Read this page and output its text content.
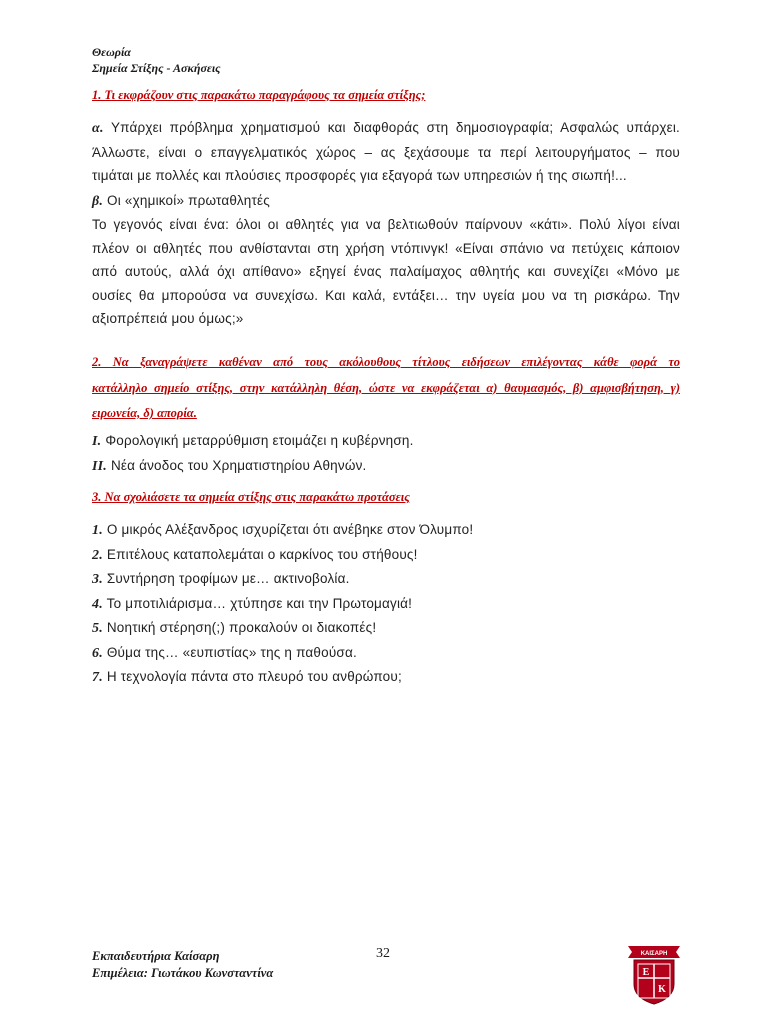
Θεωρία
Σημεία Στίξης - Ασκήσεις
1. Τι εκφράζουν στις παρακάτω παραγράφους τα σημεία στίξης;
α. Υπάρχει πρόβλημα χρηματισμού και διαφθοράς στη δημοσιογραφία; Ασφαλώς υπάρχει.
Άλλωστε, είναι ο επαγγελματικός χώρος – ας ξεχάσουμε τα περί λειτουργήματος – που
τιμάται με πολλές και πλούσιες προσφορές για εξαγορά των υπηρεσιών ή της σιωπή!...
β. Οι «χημικοί» πρωταθλητές
Το γεγονός είναι ένα: όλοι οι αθλητές για να βελτιωθούν παίρνουν «κάτι». Πολύ λίγοι είναι
πλέον οι αθλητές που ανθίστανται στη χρήση ντόπινγκ! «Είναι σπάνιο να πετύχεις κάποιον
από αυτούς, αλλά όχι απίθανο» εξηγεί ένας παλαίμαχος αθλητής και συνεχίζει «Μόνο με
ουσίες θα μπορούσα να συνεχίσω. Και καλά, εντάξει… την υγεία μου να τη ρισκάρω. Την
αξιοπρέπειά μου όμως;»
2. Να ξαναγράψετε καθέναν από τους ακόλουθους τίτλους ειδήσεων επιλέγοντας κάθε φορά το
κατάλληλο σημείο στίξης, στην κατάλληλη θέση, ώστε να εκφράζεται α) θαυμασμός, β) αμφισβήτηση, γ)
ειρωνεία, δ) απορία.
I. Φορολογική μεταρρύθμιση ετοιμάζει η κυβέρνηση.
II. Νέα άνοδος του Χρηματιστηρίου Αθηνών.
3. Να σχολιάσετε τα σημεία στίξης στις παρακάτω προτάσεις
1. Ο μικρός Αλέξανδρος ισχυρίζεται ότι ανέβηκε στον Όλυμπο!
2. Επιτέλους καταπολεμάται ο καρκίνος του στήθους!
3. Συντήρηση τροφίμων με… ακτινοβολία.
4. Το μποτιλιάρισμα… χτύπησε και την Πρωτομαγιά!
5. Νοητική στέρηση(;) προκαλούν οι διακοπές!
6. Θύμα της… «ευπιστίας» της η παθούσα.
7. Η τεχνολογία πάντα στο πλευρό του ανθρώπου;
Εκπαιδευτήρια Καίσαρη
Επιμέλεια: Γιωτάκου Κωνσταντίνα
32	ΚΑΙΣΑΡΗ
Ε
Κ
